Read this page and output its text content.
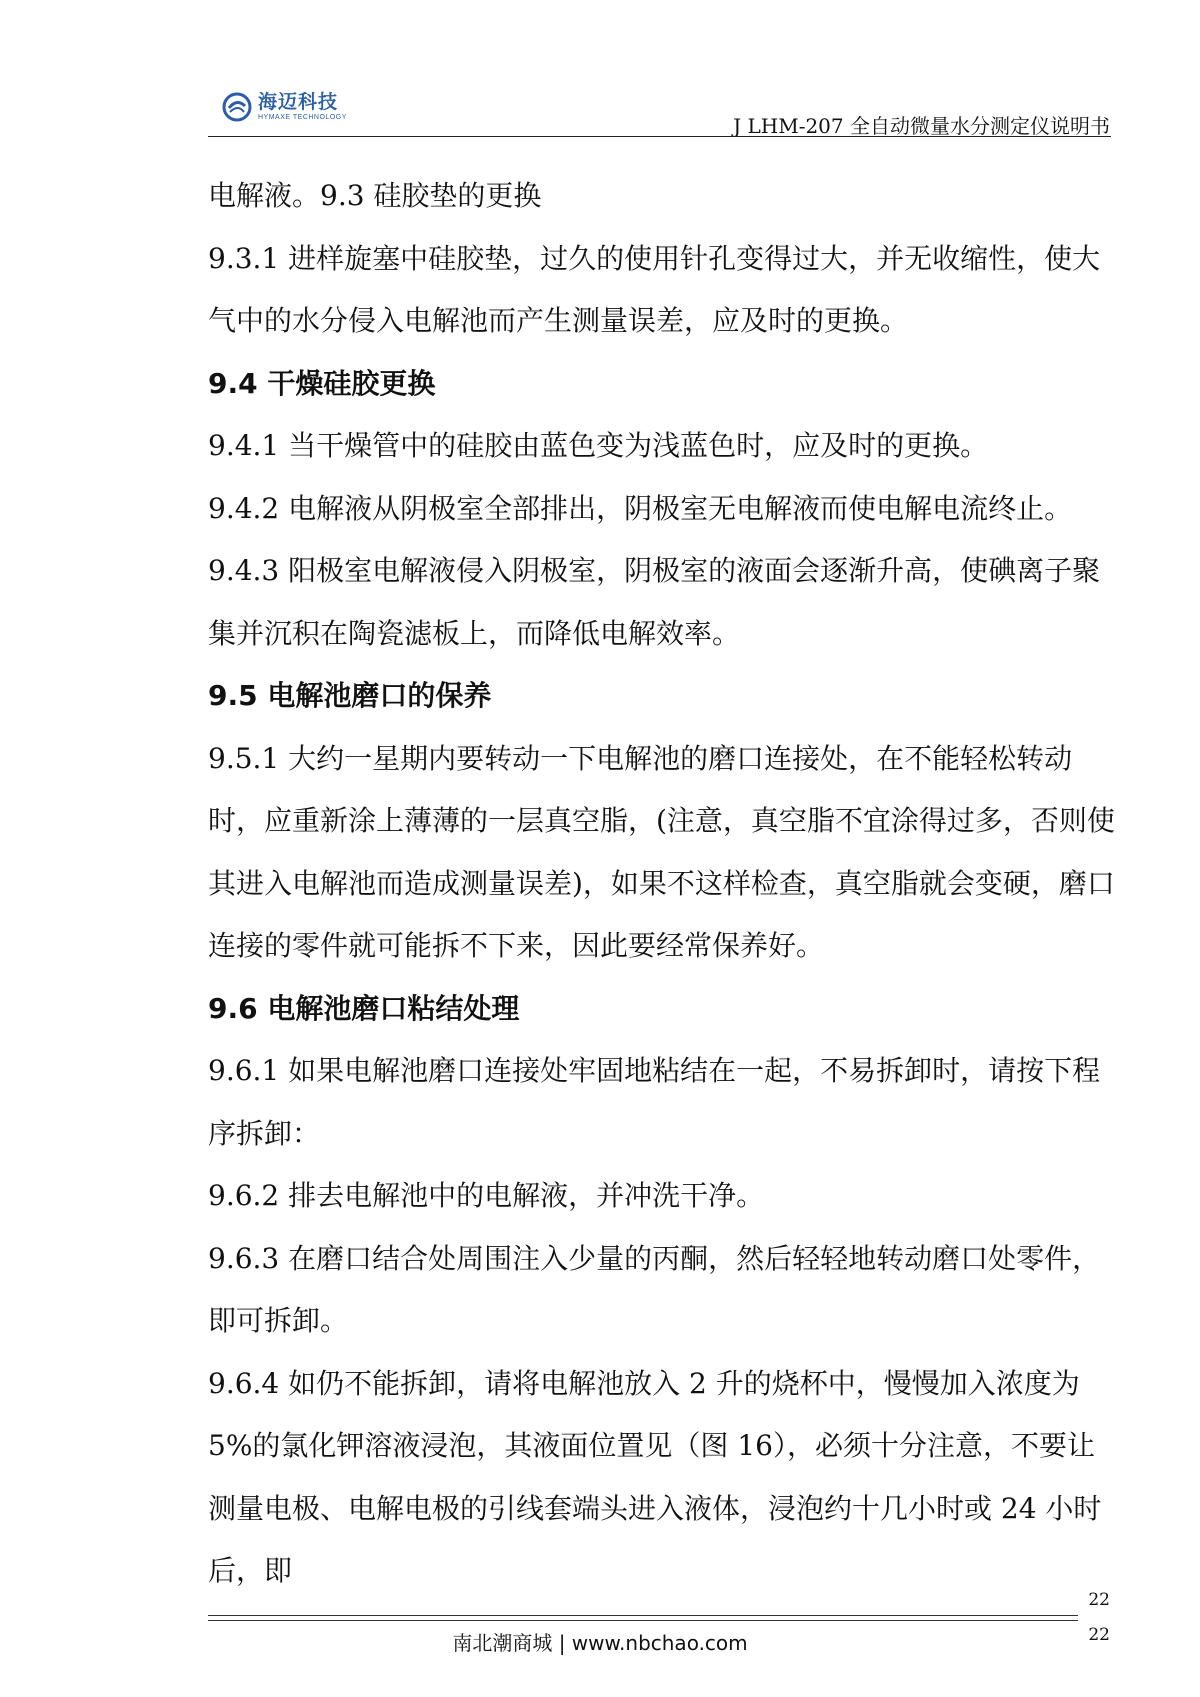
海迈科技
HYMAXE TECHNOLOGY	J LHM-207 全自动微量水分测定仪说明书

电解液。9.3 硅胶垫的更换

9.3.1 进样旋塞中硅胶垫，过久的使用针孔变得过大，并无收缩性，使大气中的水分侵入电解池而产生测量误差，应及时的更换。

9.4 干燥硅胶更换

9.4.1 当干燥管中的硅胶由蓝色变为浅蓝色时，应及时的更换。

9.4.2 电解液从阴极室全部排出，阴极室无电解液而使电解电流终止。

9.4.3 阳极室电解液侵入阴极室，阴极室的液面会逐渐升高，使碘离子聚集并沉积在陶瓷滤板上，而降低电解效率。

9.5 电解池磨口的保养

9.5.1 大约一星期内要转动一下电解池的磨口连接处，在不能轻松转动时，应重新涂上薄薄的一层真空脂，(注意，真空脂不宜涂得过多，否则使其进入电解池而造成测量误差)，如果不这样检查，真空脂就会变硬，磨口连接的零件就可能拆不下来，因此要经常保养好。

9.6 电解池磨口粘结处理

9.6.1 如果电解池磨口连接处牢固地粘结在一起，不易拆卸时，请按下程序拆卸：

9.6.2 排去电解池中的电解液，并冲洗干净。

9.6.3 在磨口结合处周围注入少量的丙酮，然后轻轻地转动磨口处零件，即可拆卸。

9.6.4 如仍不能拆卸，请将电解池放入 2 升的烧杯中，慢慢加入浓度为 5%的氯化钾溶液浸泡，其液面位置见（图 16），必须十分注意，不要让测量电极、电解电极的引线套端头进入液体，浸泡约十几小时或 24 小时后，即

22
22
南北潮商城 | www.nbchao.com
